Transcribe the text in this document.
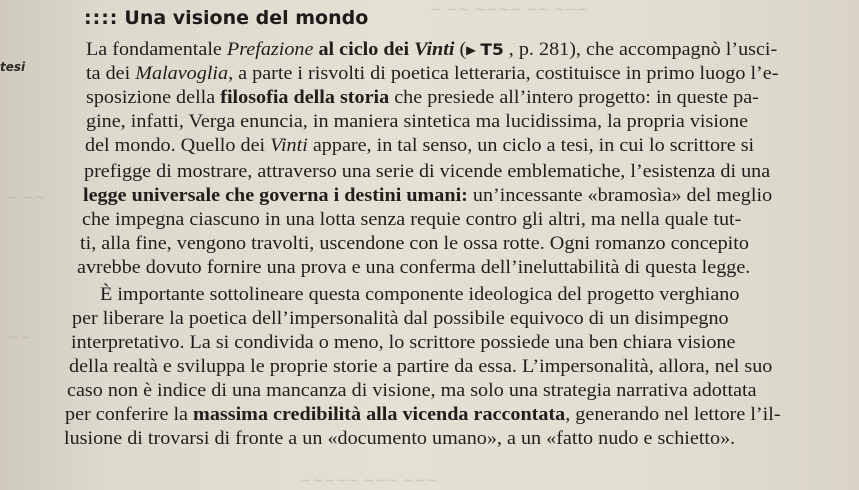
~ ~~ ~~~~ ~~ ~~~
~ ~~
~~
~~~~~ ~~~ ~~~
:::: Una visione del mondo
tesi
La fondamentale Prefazione al ciclo dei Vinti (▶ T5 , p. 281), che accompagnò l’usci-
ta dei Malavoglia, a parte i risvolti di poetica letteraria, costituisce in primo luogo l’e-
sposizione della filosofia della storia che presiede all’intero progetto: in queste pa-
gine, infatti, Verga enuncia, in maniera sintetica ma lucidissima, la propria visione
del mondo. Quello dei Vinti appare, in tal senso, un ciclo a tesi, in cui lo scrittore si
prefigge di mostrare, attraverso una serie di vicende emblematiche, l’esistenza di una
legge universale che governa i destini umani: un’incessante «bramosìa» del meglio
che impegna ciascuno in una lotta senza requie contro gli altri, ma nella quale tut-
ti, alla fine, vengono travolti, uscendone con le ossa rotte. Ogni romanzo concepito
avrebbe dovuto fornire una prova e una conferma dell’ineluttabilità di questa legge.
È importante sottolineare questa componente ideologica del progetto verghiano
per liberare la poetica dell’impersonalità dal possibile equivoco di un disimpegno
interpretativo. La si condivida o meno, lo scrittore possiede una ben chiara visione
della realtà e sviluppa le proprie storie a partire da essa. L’impersonalità, allora, nel suo
caso non è indice di una mancanza di visione, ma solo una strategia narrativa adottata
per conferire la massima credibilità alla vicenda raccontata, generando nel lettore l’il-
lusione di trovarsi di fronte a un «documento umano», a un «fatto nudo e schietto».
